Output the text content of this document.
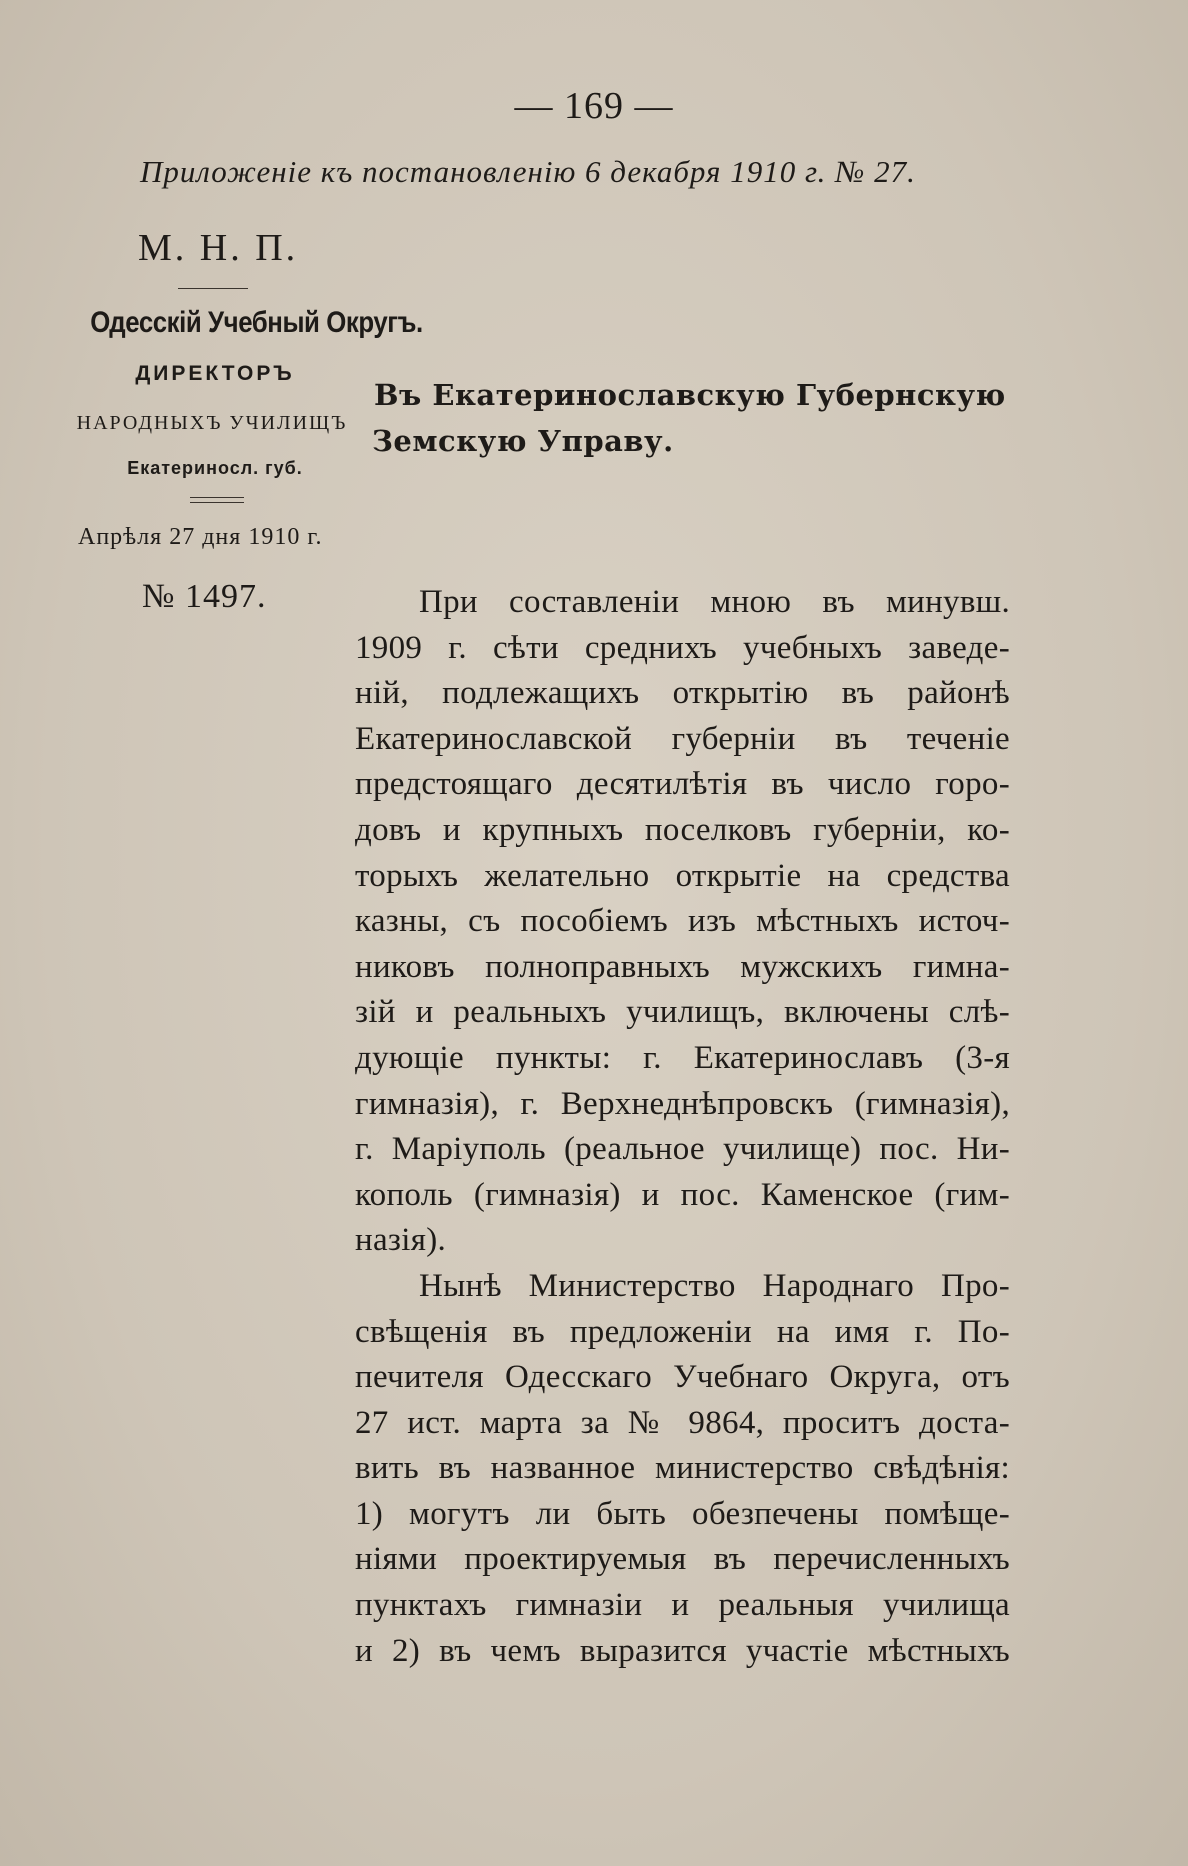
— 169 —
Приложеніе къ постановленію 6 декабря 1910 г. № 27.
М. Н. П.
Одесскій Учебный Округъ.
ДИРЕКТОРЪ
НАРОДНЫХЪ УЧИЛИЩЪ
Екатериносл. губ.
Апрѣля 27 дня 1910 г.
№ 1497.
Въ Екатеринославскую Губернскую
Земскую Управу.
При составленіи мною въ минувш.
1909 г. сѣти среднихъ учебныхъ заведе-
ній, подлежащихъ открытію въ районѣ
Екатеринославской губерніи въ теченіе
предстоящаго десятилѣтія въ число горо-
довъ и крупныхъ поселковъ губерніи, ко-
торыхъ желательно открытіе на средства
казны, съ пособіемъ изъ мѣстныхъ источ-
никовъ полноправныхъ мужскихъ гимна-
зій и реальныхъ училищъ, включены слѣ-
дующіе пункты: г. Екатеринославъ (3-я
гимназія), г. Верхнеднѣпровскъ (гимназія),
г. Маріуполь (реальное училище) пос. Ни-
кополь (гимназія) и пос. Каменское (гим-
назія).
Нынѣ Министерство Народнаго Про-
свѣщенія въ предложеніи на имя г. По-
печителя Одесскаго Учебнаго Округа, отъ
27 ист. марта за № 9864, проситъ доста-
вить въ названное министерство свѣдѣнія:
1) могутъ ли быть обезпечены помѣще-
ніями проектируемыя въ перечисленныхъ
пунктахъ гимназіи и реальныя училища
и 2) въ чемъ выразится участіе мѣстныхъ
